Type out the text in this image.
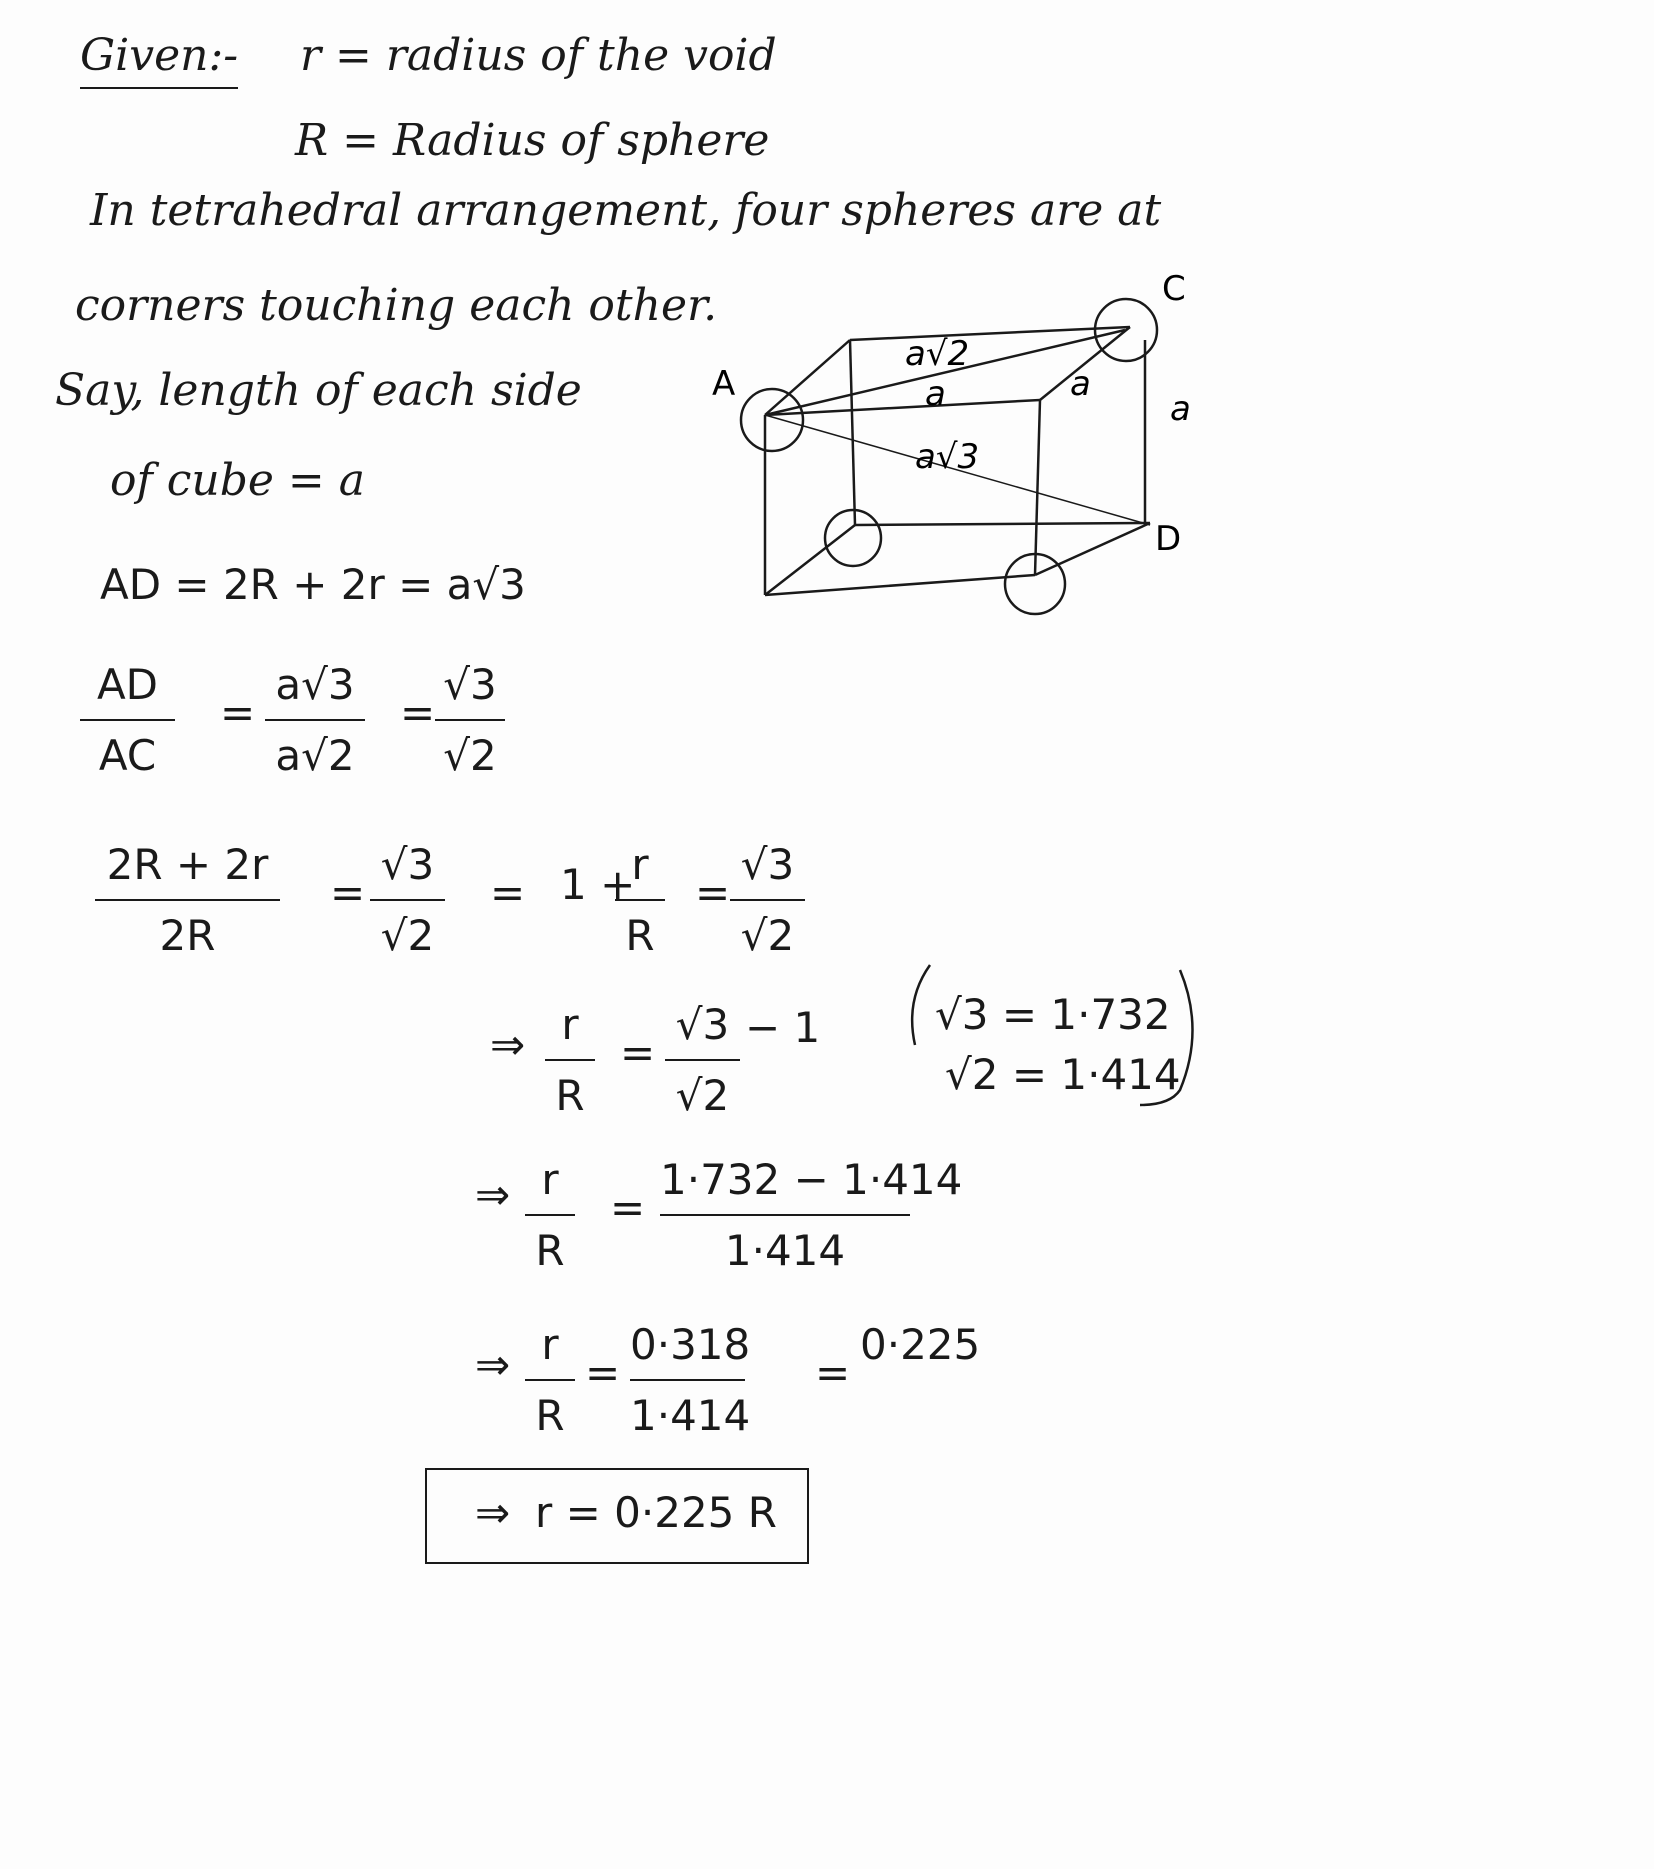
Given:- r = radius of the void
R = Radius of sphere
In tetrahedral arrangement, four spheres are at
corners touching each other.
Say, length of each side
of cube = a
A
C
D
a√2
a	a
a
a√3
AD = 2R + 2r = a√3
AD
AC
=
a√3
a√2
=
√3
√2
2R + 2r
2R
=
√3
√2
= 1 +
r
R
=
√3
√2
⇒ r
R
=
√3
√2
− 1	√3 = 1·732
√2 = 1·414
⇒ r
R
=
1·732 − 1·414
1·414
⇒ r
R
=
0·318
1·414
=
0·225
⇒ r = 0·225 R
